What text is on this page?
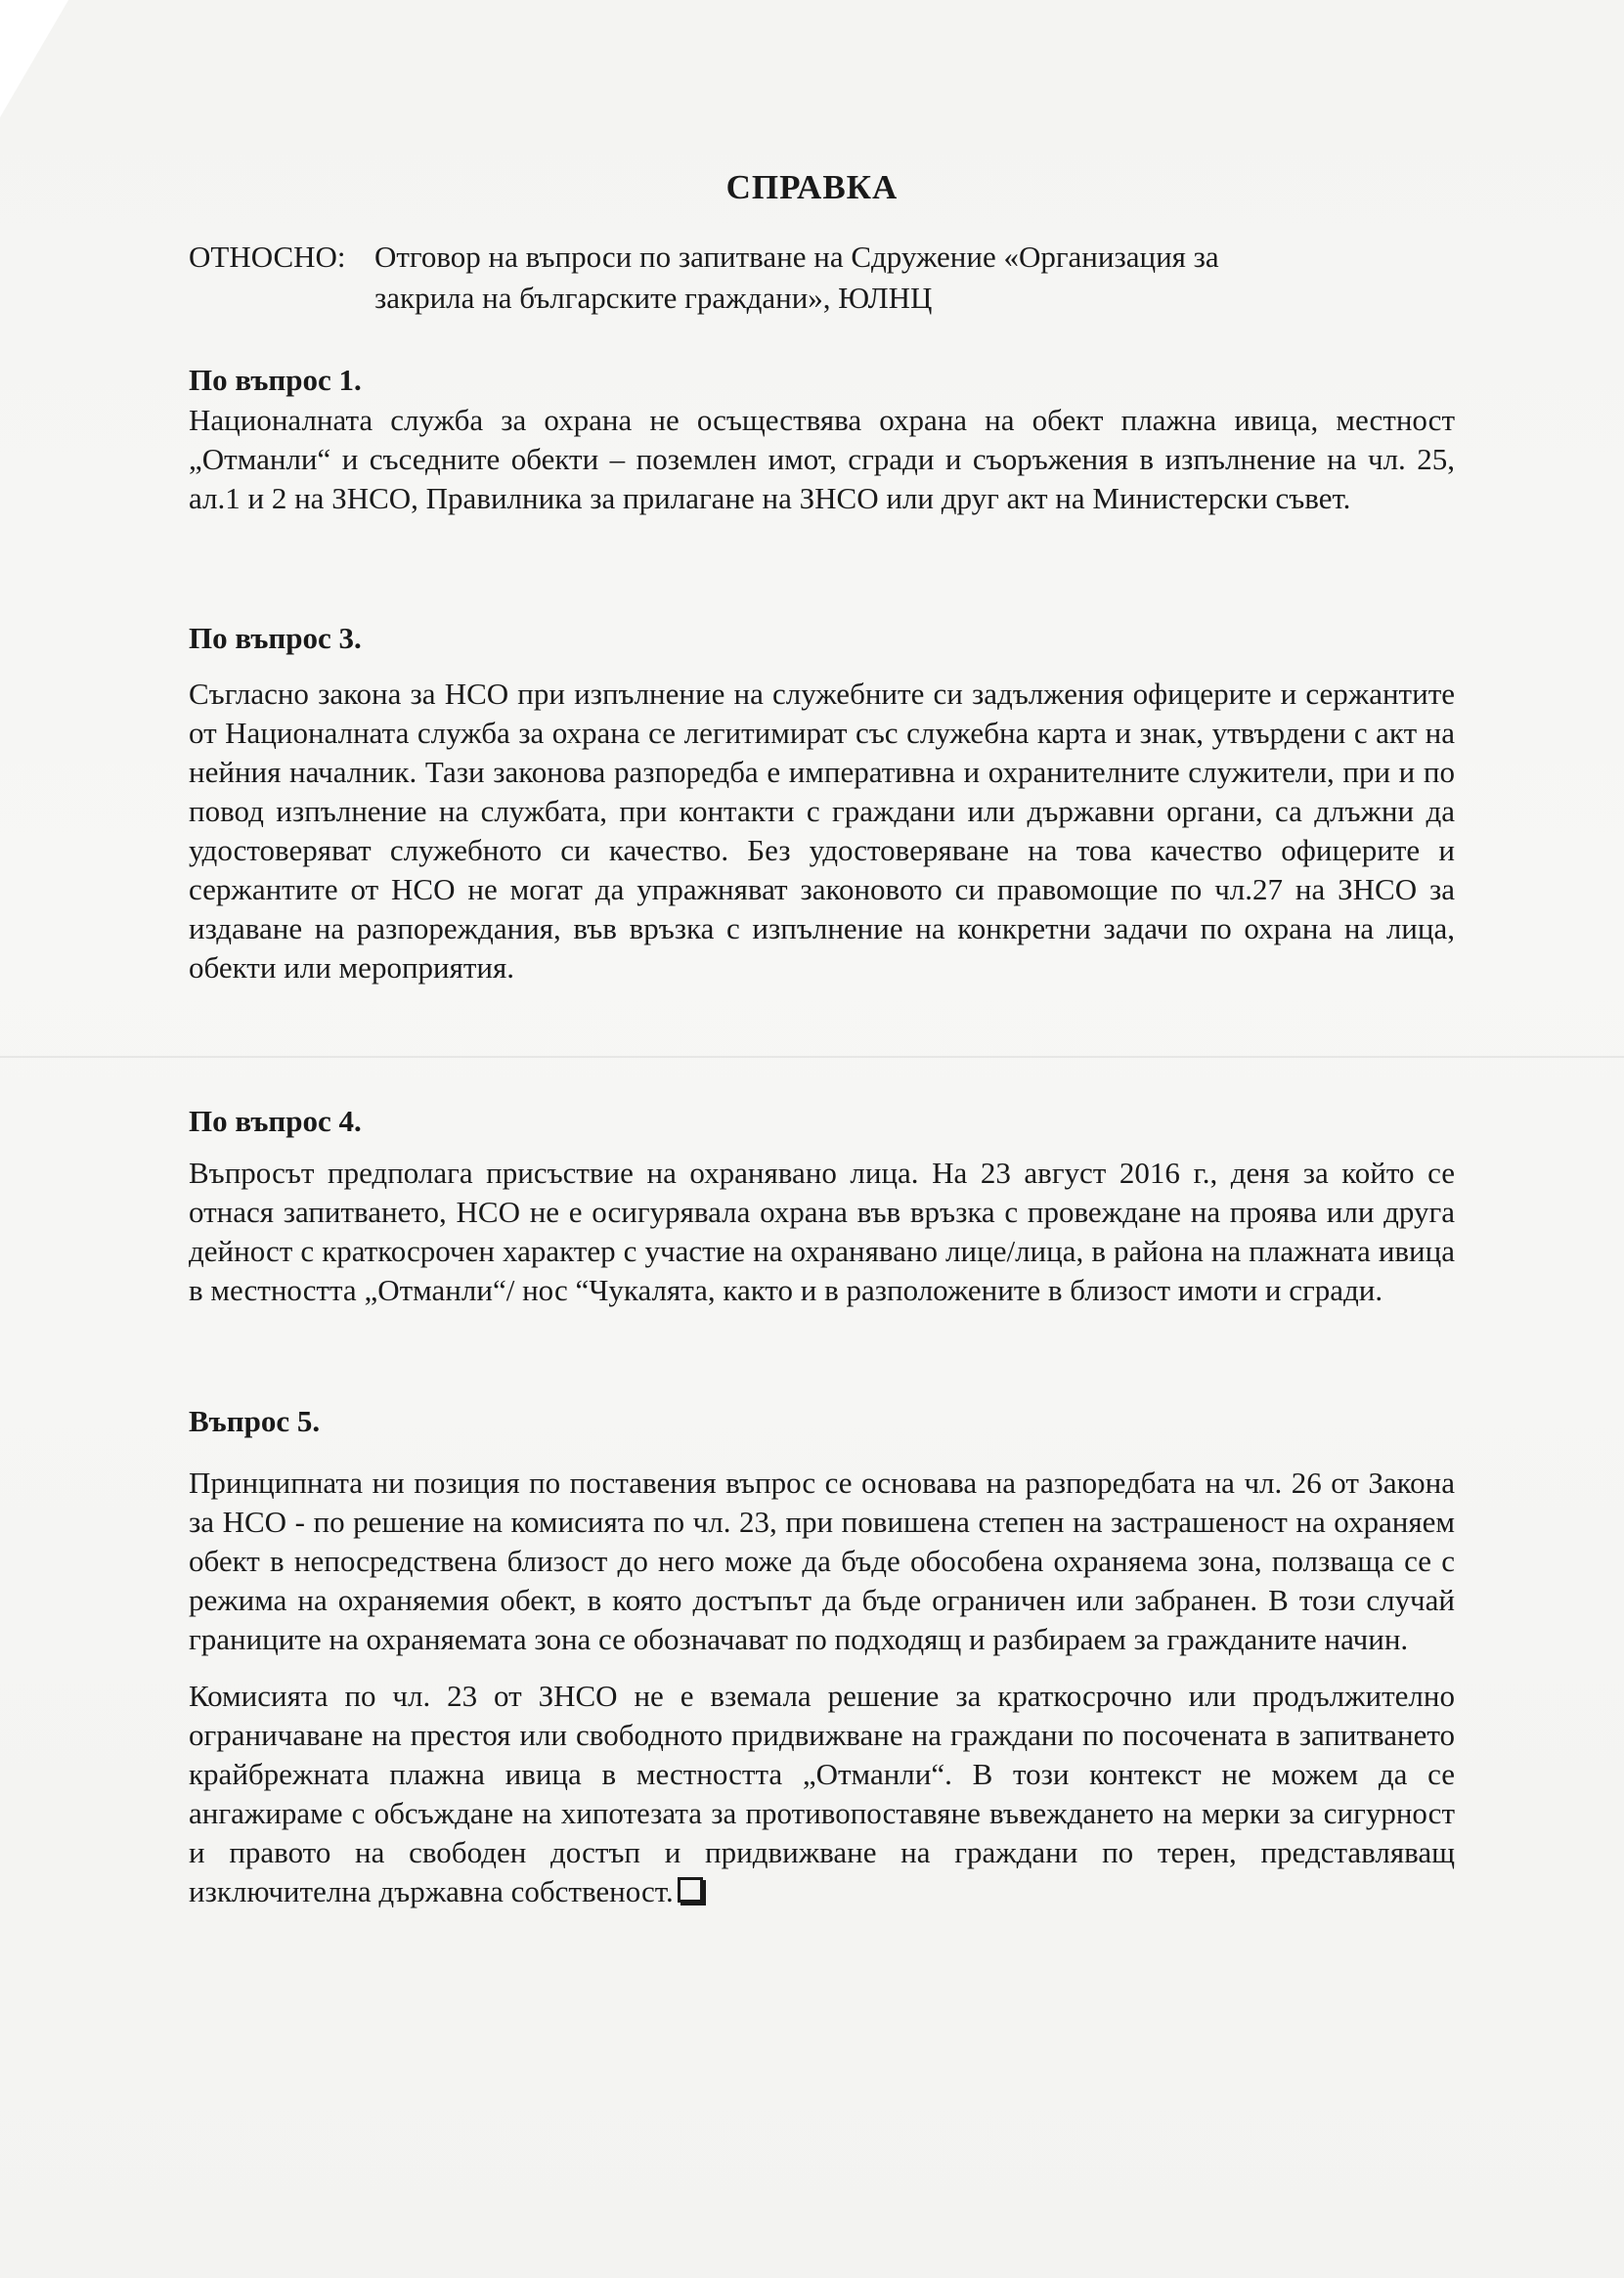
СПРАВКА
ОТНОСНО: Отговор на въпроси по запитване на Сдружение «Организация за
закрила на българските граждани», ЮЛНЦ
По въпрос 1.
Националната служба за охрана не осъществява охрана на обект плажна ивица, местност „Отманли“ и съседните обекти – поземлен имот, сгради и съоръжения в изпълнение на чл. 25, ал.1 и 2 на ЗНСО, Правилника за прилагане на ЗНСО или друг акт на Министерски съвет.
По въпрос 3.
Съгласно закона за НСО при изпълнение на служебните си задължения офицерите и сержантите от Националната служба за охрана се легитимират със служебна карта и знак, утвърдени с акт на нейния началник. Тази законова разпоредба е императивна и охранителните служители, при и по повод изпълнение на службата, при контакти с граждани или държавни органи, са длъжни да удостоверяват служебното си качество. Без удостоверяване на това качество офицерите и сержантите от НСО не могат да упражняват законовото си правомощие по чл.27 на ЗНСО за издаване на разпореждания, във връзка с изпълнение на конкретни задачи по охрана на лица, обекти или мероприятия.
По въпрос 4.
Въпросът предполага присъствие на охранявано лица. На 23 август 2016 г., деня за който се отнася запитването, НСО не е осигурявала охрана във връзка с провеждане на проява или друга дейност с краткосрочен характер с участие на охранявано лице/лица, в района на плажната ивица в местността „Отманли“/ нос “Чукалята, както и в разположените в близост имоти и сгради.
Въпрос 5.
Принципната ни позиция по поставения въпрос се основава на разпоредбата на чл. 26 от Закона за НСО - по решение на комисията по чл. 23, при повишена степен на застрашеност на охраняем обект в непосредствена близост до него може да бъде обособена охраняема зона, ползваща се с режима на охраняемия обект, в която достъпът да бъде ограничен или забранен. В този случай границите на охраняемата зона се обозначават по подходящ и разбираем за гражданите начин.
Комисията по чл. 23 от ЗНСО не е вземала решение за краткосрочно или продължително ограничаване на престоя или свободното придвижване на граждани по посочената в запитването крайбрежната плажна ивица в местността „Отманли“. В този контекст не можем да се ангажираме с обсъждане на хипотезата за противопоставяне въвеждането на мерки за сигурност и правото на свободен достъп и придвижване на граждани по терен, представляващ изключителна държавна собственост.
